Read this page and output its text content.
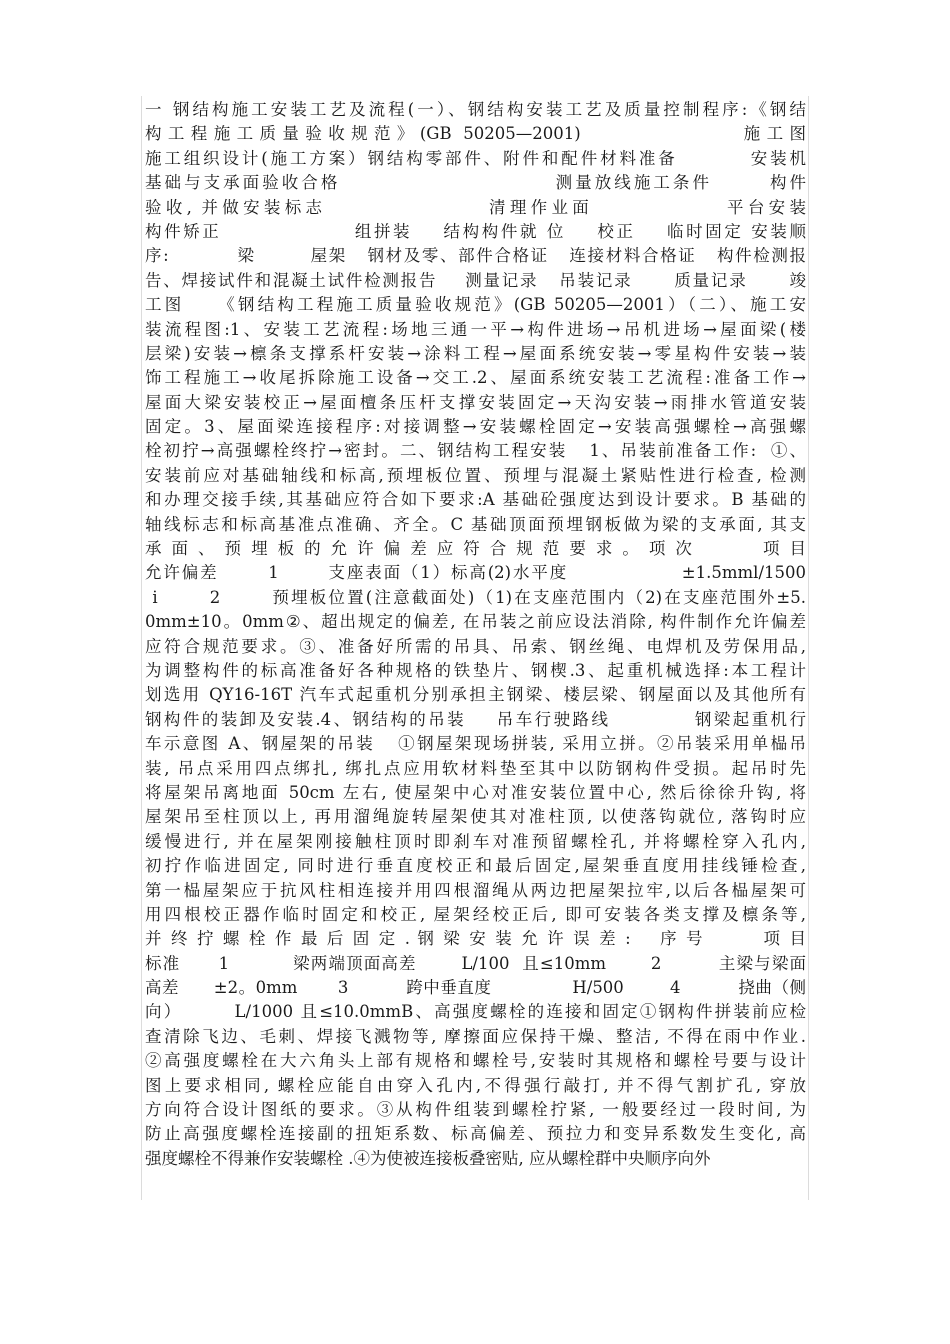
一 钢结构施工安装工艺及流程(一）、钢结构安装工艺及质量控制程序:《钢结
构工程施工质量验收规范》(GB 50205—2001)              施工图
施工组织设计(施工方案）钢结构零部件、附件和配件材料准备         安装机
基础与支承面验收合格                          测量放线施工条件       构件
验收, 并做安装标志                 清理作业面              平台安装
构件矫正                 组拼装    结构构件就 位    校正    临时固定 安装顺
序:          梁        屋架   钢材及零、部件合格证   连接材料合格证   构件检测报
告、焊接试件和混凝土试件检测报告    测量记录   吊装记录      质量记录      竣
工图    《钢结构工程施工质量验收规范》(GB 50205—2001）（二）、施工安
装流程图:1、安装工艺流程:场地三通一平→构件进场→吊机进场→屋面梁(楼
层梁)安装→檩条支撑系杆安装→涂料工程→屋面系统安装→零星构件安装→装
饰工程施工→收尾拆除施工设备→交工.2、屋面系统安装工艺流程:准备工作→
屋面大梁安装校正→屋面檀条压杆支撑安装固定→天沟安装→雨排水管道安装
固定。3、屋面梁连接程序:对接调整→安装螺栓固定→安装高强螺栓→高强螺
栓初拧→高强螺栓终拧→密封。二、钢结构工程安装   1、吊装前准备工作:  ①、
安装前应对基础轴线和标高,预埋板位置、预埋与混凝土紧贴性进行检查, 检测
和办理交接手续,其基础应符合如下要求:A 基础砼强度达到设计要求。B 基础的
轴线标志和标高基准点准确、齐全。C 基础顶面预埋钢板做为梁的支承面, 其支
承面、预埋板的允许偏差应符合规范要求。项次    项目
允许偏差       1       支座表面（1）标高(2)水平度                ±1.5mml/1500
i       2       预埋板位置(注意截面处)（1)在支座范围内（2)在支座范围外±5.
0mm±10。0mm②、超出规定的偏差, 在吊装之前应设法消除, 构件制作允许偏差
应符合规范要求。③、准备好所需的吊具、吊索、钢丝绳、电焊机及劳保用品,
为调整构件的标高准备好各种规格的铁垫片、钢楔.3、起重机械选择:本工程计
划选用 QY16-16T 汽车式起重机分别承担主钢梁、楼层梁、钢屋面以及其他所有
钢构件的装卸及安装.4、钢结构的吊装    吊车行驶路线           钢梁起重机行
车示意图 A、钢屋架的吊装   ①钢屋架现场拼装, 采用立拼。②吊装采用单榀吊
装, 吊点采用四点绑扎, 绑扎点应用软材料垫至其中以防钢构件受损。起吊时先
将屋架吊离地面 50cm 左右, 使屋架中心对准安装位置中心, 然后徐徐升钩, 将
屋架吊至柱顶以上, 再用溜绳旋转屋架使其对准柱顶, 以使落钩就位, 落钩时应
缓慢进行, 并在屋架刚接触柱顶时即刹车对准预留螺栓孔, 并将螺栓穿入孔内,
初拧作临进固定, 同时进行垂直度校正和最后固定,屋架垂直度用挂线锤检查,
第一榀屋架应于抗风柱相连接并用四根溜绳从两边把屋架拉牢,以后各榀屋架可
用四根校正器作临时固定和校正, 屋架经校正后, 即可安装各类支撑及檩条等,
并 终 拧 螺 栓 作 最 后 固 定 . 钢 梁 安 装 允 许 误 差 :    序 号        项 目
标准      1          梁两端顶面高差       L/100  且≤10mm       2         主梁与梁面
高差      ±2。0mm       3          跨中垂直度              H/500        4          挠曲（侧
向）       L/1000 且≤10.0mmB、高强度螺栓的连接和固定①钢构件拼装前应检
查清除飞边、毛刺、焊接飞溅物等, 摩擦面应保持干燥、整洁, 不得在雨中作业.
②高强度螺栓在大六角头上部有规格和螺栓号,安装时其规格和螺栓号要与设计
图上要求相同, 螺栓应能自由穿入孔内,不得强行敲打, 并不得气割扩孔, 穿放
方向符合设计图纸的要求。③从构件组装到螺栓拧紧, 一般要经过一段时间, 为
防止高强度螺栓连接副的扭矩系数、标高偏差、预拉力和变异系数发生变化, 高
强度螺栓不得兼作安装螺栓 .④为使被连接板叠密贴, 应从螺栓群中央顺序向外
